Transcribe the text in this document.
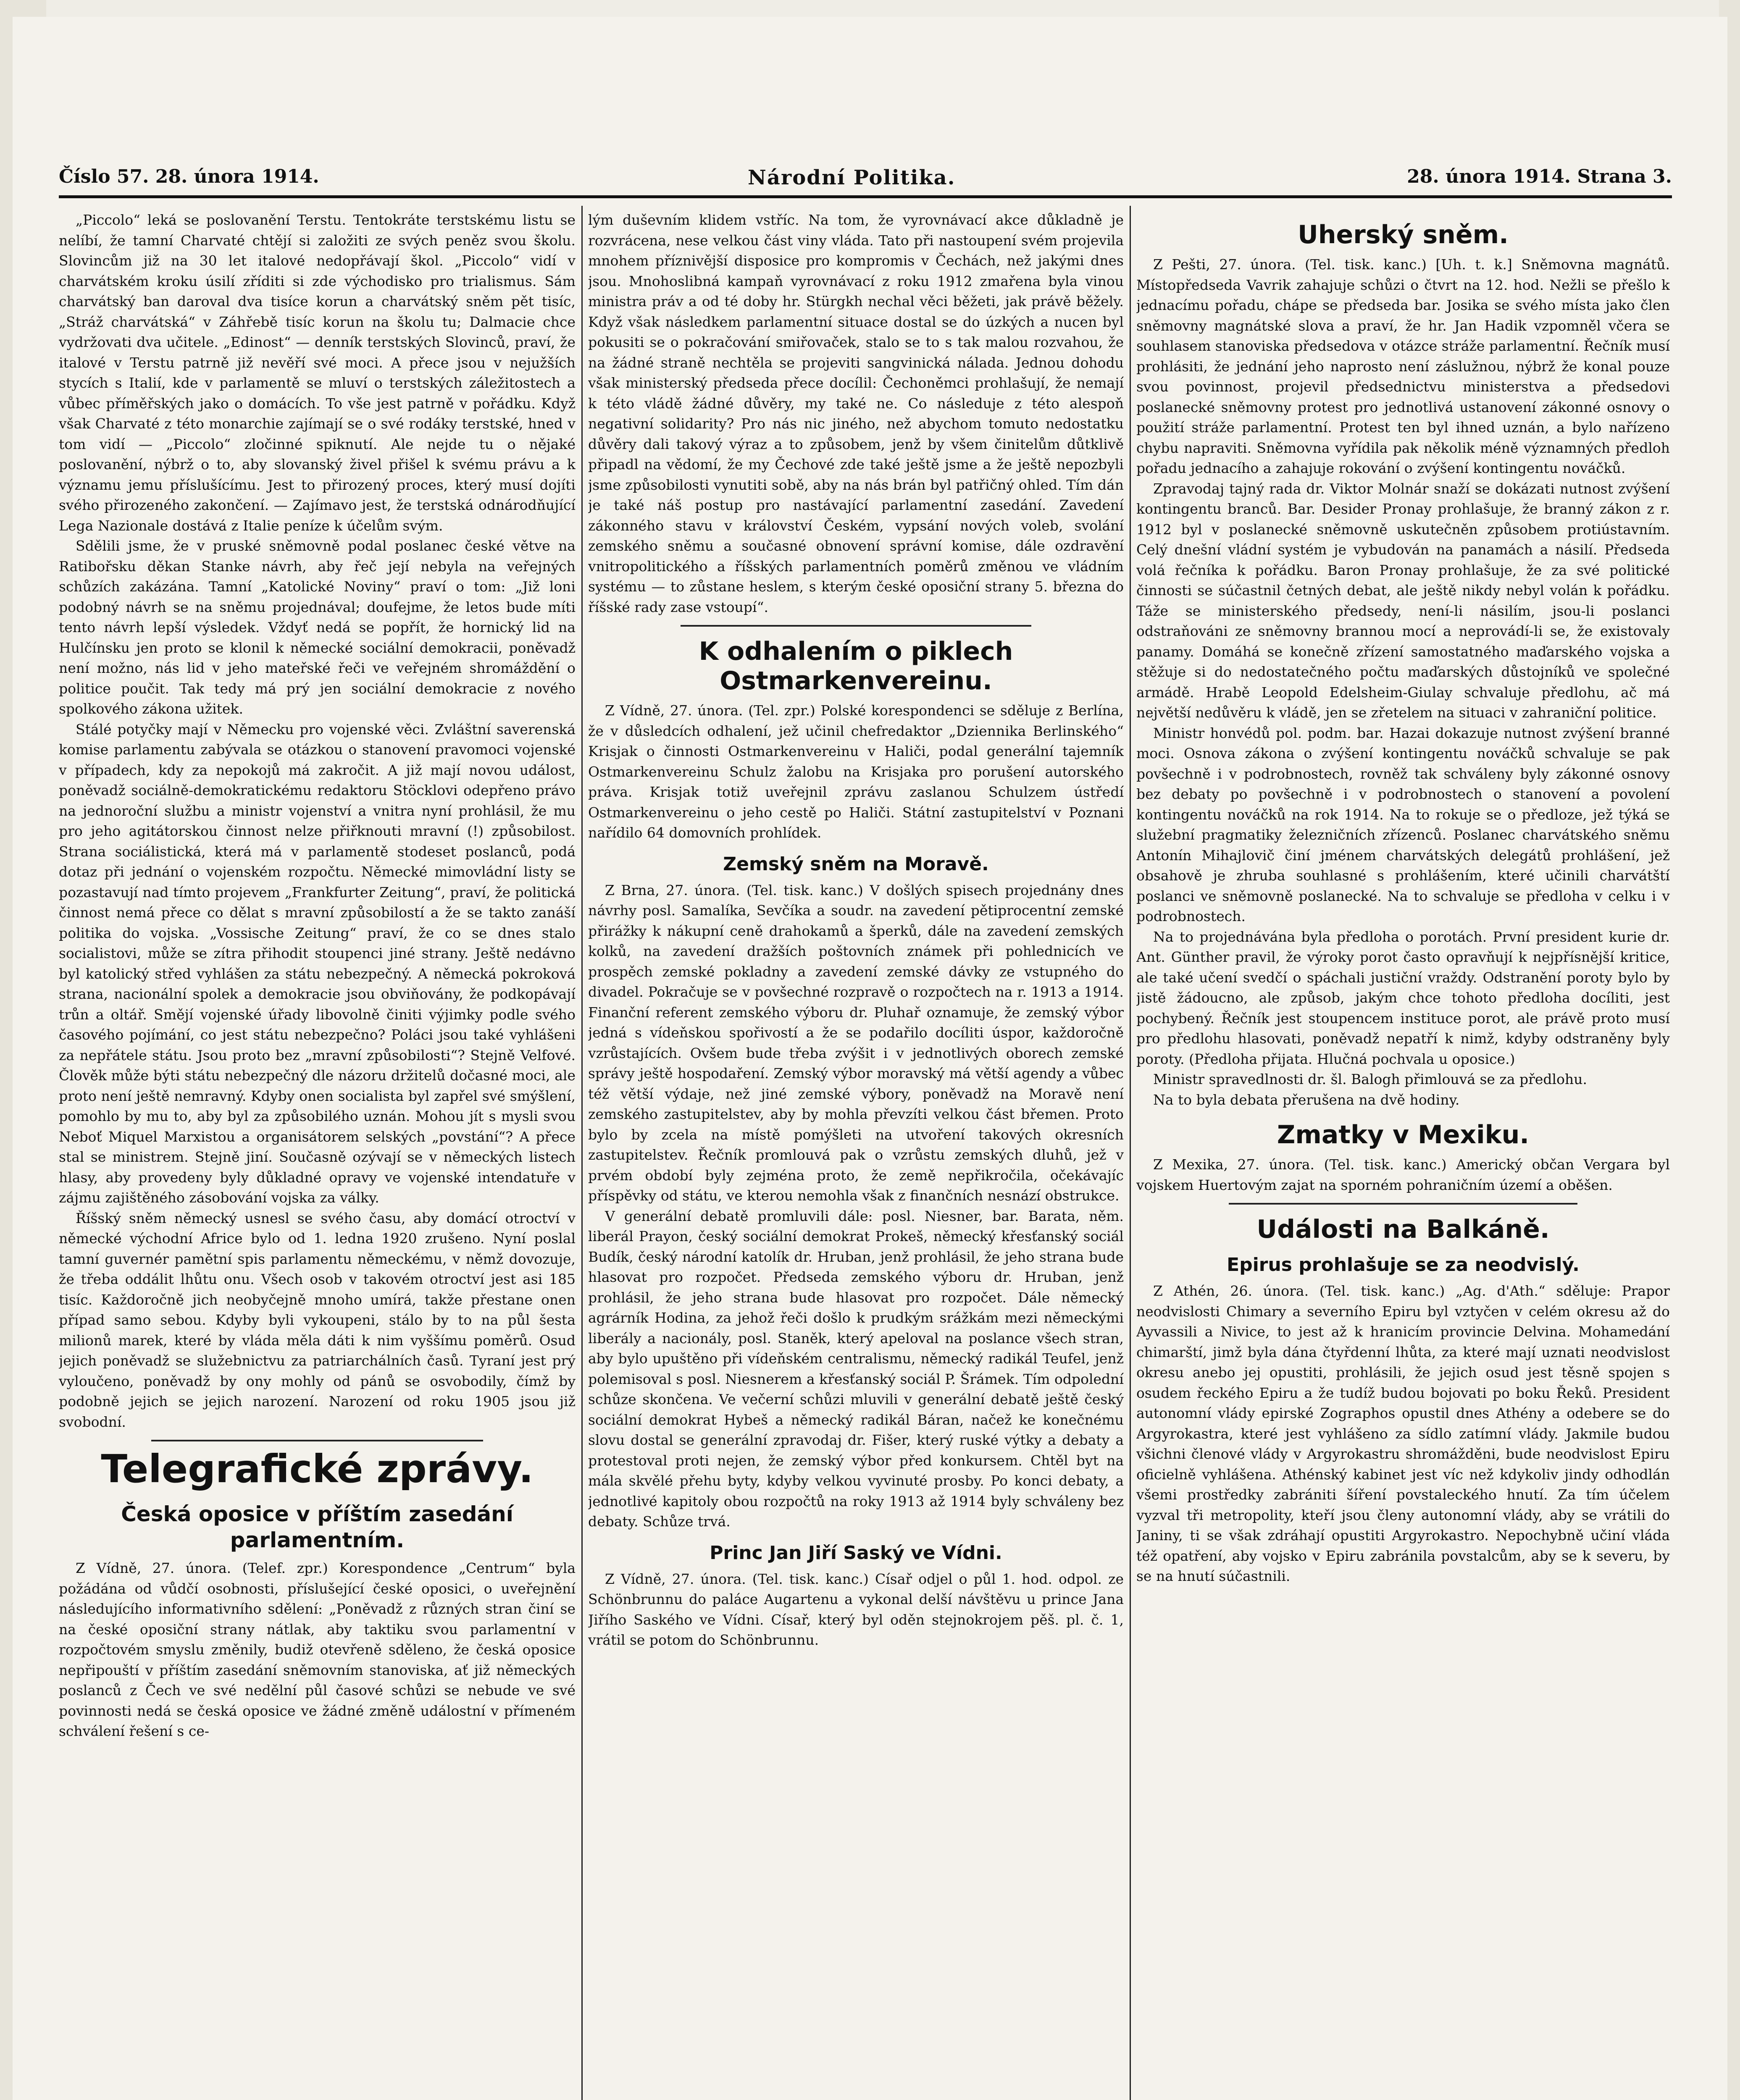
Číslo 57. 28. února 1914.	Národní Politika.	28. února 1914. Strana 3.

„Piccolo“ leká se poslovanění Terstu. Tentokráte terstskému listu se nelíbí, že tamní Charvaté chtějí si založiti ze svých peněz svou školu. Slovincům již na 30 let italové nedopřávají škol. „Piccolo“ vidí v charvátském kroku úsilí zříditi si zde východisko pro trialismus. Sám charvátský ban daroval dva tisíce korun a charvátský sněm pět tisíc, „Stráž charvátská“ v Záhřebě tisíc korun na školu tu; Dalmacie chce vydržovati dva učitele. „Edinost“ — denník terstských Slovinců, praví, že italové v Terstu patrně již nevěří své moci. A přece jsou v nejužších stycích s Italií, kde v parlamentě se mluví o terstských záležitostech a vůbec příměřských jako o domácích. To vše jest patrně v pořádku. Když však Charvaté z této monarchie zajímají se o své rodáky terstské, hned v tom vidí — „Piccolo“ zločinné spiknutí. Ale nejde tu o nějaké poslovanění, nýbrž o to, aby slovanský živel přišel k svému právu a k významu jemu příslušícímu. Jest to přirozený proces, který musí dojíti svého přirozeného zakončení. — Zajímavo jest, že terstská odnárodňující Lega Nazionale dostává z Italie peníze k účelům svým.

Sdělili jsme, že v pruské sněmovně podal poslanec české větve na Ratibořsku děkan Stanke návrh, aby řeč její nebyla na veřejných schůzích zakázána. Tamní „Katolické Noviny“ praví o tom: „Již loni podobný návrh se na sněmu projednával; doufejme, že letos bude míti tento návrh lepší výsledek. Vždyť nedá se popřít, že hornický lid na Hulčínsku jen proto se klonil k německé sociální demokracii, poněvadž není možno, nás lid v jeho mateřské řeči ve veřejném shromáždění o politice poučit. Tak tedy má prý jen sociální demokracie z nového spolkového zákona užitek.

Stálé potyčky mají v Německu pro vojenské věci. Zvláštní saverenská komise parlamentu zabývala se otázkou o stanovení pravomoci vojenské v případech, kdy za nepokojů má zakročit. A již mají novou událost, poněvadž sociálně-demokratickému redaktoru Stöcklovi odepřeno právo na jednoroční službu a ministr vojenství a vnitra nyní prohlásil, že mu pro jeho agitátorskou činnost nelze přiřknouti mravní (!) způsobilost. Strana sociálistická, která má v parlamentě stodeset poslanců, podá dotaz při jednání o vojenském rozpočtu. Německé mimovládní listy se pozastavují nad tímto projevem „Frankfurter Zeitung“, praví, že politická činnost nemá přece co dělat s mravní způsobilostí a že se takto zanáší politika do vojska. „Vossische Zeitung“ praví, že co se dnes stalo socialistovi, může se zítra přihodit stoupenci jiné strany. Ještě nedávno byl katolický střed vyhlášen za státu nebezpečný. A německá pokroková strana, nacionální spolek a demokracie jsou obviňovány, že podkopávají trůn a oltář. Smějí vojenské úřady libovolně činiti výjimky podle svého časového pojímání, co jest státu nebezpečno? Poláci jsou také vyhlášeni za nepřátele státu. Jsou proto bez „mravní způsobilosti“? Stejně Velfové. Člověk může býti státu nebezpečný dle názoru držitelů dočasné moci, ale proto není ještě nemravný. Kdyby onen socialista byl zapřel své smýšlení, pomohlo by mu to, aby byl za způsobilého uznán. Mohou jít s mysli svou Neboť Miquel Marxistou a organisátorem selských „povstání“? A přece stal se ministrem. Stejně jiní. Současně ozývají se v německých listech hlasy, aby provedeny byly důkladné opravy ve vojenské intendatuře v zájmu zajištěného zásobování vojska za války.

Říšský sněm německý usnesl se svého času, aby domácí otroctví v německé východní Africe bylo od 1. ledna 1920 zrušeno. Nyní poslal tamní guvernér pamětní spis parlamentu německému, v němž dovozuje, že třeba oddálit lhůtu onu. Všech osob v takovém otroctví jest asi 185 tisíc. Každoročně jich neobyčejně mnoho umírá, takže přestane onen případ samo sebou. Kdyby byli vykoupeni, stálo by to na půl šesta milionů marek, které by vláda měla dáti k nim vyššímu poměrů. Osud jejich poněvadž se služebnictvu za patriarchálních časů. Tyraní jest prý vyloučeno, poněvadž by ony mohly od pánů se osvobodily, čímž by podobně jejich se jejich narození. Narození od roku 1905 jsou již svobodní.

Telegrafické zprávy.
Česká oposice v příštím zasedání parlamentním.

Z Vídně, 27. února. (Telef. zpr.) Korespondence „Centrum“ byla požádána od vůdčí osobnosti, příslušející české oposici, o uveřejnění následujícího informativního sdělení: „Poněvadž z různých stran činí se na české oposiční strany nátlak, aby taktiku svou parlamentní v rozpočtovém smyslu změnily, budiž otevřeně sděleno, že česká oposice nepřipouští v příštím zasedání sněmovním stanoviska, ať již německých poslanců z Čech ve své nedělní půl časové schůzi se nebude ve své povinnosti nedá se česká oposice ve žádné změně událostní v přímeném schválení řešení s ce-

lým duševním klidem vstříc. Na tom, že vyrovnávací akce důkladně je rozvrácena, nese velkou část viny vláda. Tato při nastoupení svém projevila mnohem příznivější disposice pro kompromis v Čechách, než jakými dnes jsou. Mnohoslibná kampaň vyrovnávací z roku 1912 zmařena byla vinou ministra práv a od té doby hr. Stürgkh nechal věci běžeti, jak právě běžely. Když však následkem parlamentní situace dostal se do úzkých a nucen byl pokusiti se o pokračování smiřovaček, stalo se to s tak malou rozvahou, že na žádné straně nechtěla se projeviti sangvinická nálada. Jednou dohodu však ministerský předseda přece docílil: Čechoněmci prohlašují, že nemají k této vládě žádné důvěry, my také ne. Co následuje z této alespoň negativní solidarity? Pro nás nic jiného, než abychom tomuto nedostatku důvěry dali takový výraz a to způsobem, jenž by všem činitelům důtklivě připadl na vědomí, že my Čechové zde také ještě jsme a že ještě nepozbyli jsme způsobilosti vynutiti sobě, aby na nás brán byl patřičný ohled. Tím dán je také náš postup pro nastávající parlamentní zasedání. Zavedení zákonného stavu v království Českém, vypsání nových voleb, svolání zemského sněmu a současné obnovení správní komise, dále ozdravění vnitropolitického a říšských parlamentních poměrů změnou ve vládním systému — to zůstane heslem, s kterým české oposiční strany 5. března do říšské rady zase vstoupí“.

K odhalením o piklech Ostmarkenvereinu.

Z Vídně, 27. února. (Tel. zpr.) Polské korespondenci se sděluje z Berlína, že v důsledcích odhalení, jež učinil chefredaktor „Dziennika Berlinského“ Krisjak o činnosti Ostmarkenvereinu v Haliči, podal generální tajemník Ostmarkenvereinu Schulz žalobu na Krisjaka pro porušení autorského práva. Krisjak totiž uveřejnil zprávu zaslanou Schulzem ústředí Ostmarkenvereinu o jeho cestě po Haliči. Státní zastupitelství v Poznani nařídilo 64 domovních prohlídek.

Zemský sněm na Moravě.

Z Brna, 27. února. (Tel. tisk. kanc.) V došlých spisech projednány dnes návrhy posl. Samalíka, Sevčíka a soudr. na zavedení pětiprocentní zemské přirážky k nákupní ceně drahokamů a šperků, dále na zavedení zemských kolků, na zavedení dražších poštovních známek při pohlednicích ve prospěch zemské pokladny a zavedení zemské dávky ze vstupného do divadel. Pokračuje se v povšechné rozpravě o rozpočtech na r. 1913 a 1914. Finanční referent zemského výboru dr. Pluhař oznamuje, že zemský výbor jedná s vídeňskou spořivostí a že se podařilo docíliti úspor, každoročně vzrůstajících. Ovšem bude třeba zvýšit i v jednotlivých oborech zemské správy ještě hospodaření. Zemský výbor moravský má větší agendy a vůbec též větší výdaje, než jiné zemské výbory, poněvadž na Moravě není zemského zastupitelstev, aby by mohla převzíti velkou část břemen. Proto bylo by zcela na místě pomýšleti na utvoření takových okresních zastupitelstev. Řečník promlouvá pak o vzrůstu zemských dluhů, jež v prvém období byly zejména proto, že země nepřikročila, očekávajíc příspěvky od státu, ve kterou nemohla však z finančních nesnází obstrukce.

V generální debatě promluvili dále: posl. Niesner, bar. Barata, něm. liberál Prayon, český sociální demokrat Prokeš, německý křesťanský sociál Budík, český národní katolík dr. Hruban, jenž prohlásil, že jeho strana bude hlasovat pro rozpočet. Předseda zemského výboru dr. Hruban, jenž prohlásil, že jeho strana bude hlasovat pro rozpočet. Dále německý agrárník Hodina, za jehož řeči došlo k prudkým srážkám mezi německými liberály a nacionály, posl. Staněk, který apeloval na poslance všech stran, aby bylo upuštěno při vídeňském centralismu, německý radikál Teufel, jenž polemisoval s posl. Niesnerem a křesťanský sociál P. Šrámek. Tím odpolední schůze skončena. Ve večerní schůzi mluvili v generální debatě ještě český sociální demokrat Hybeš a německý radikál Báran, načež ke konečnému slovu dostal se generální zpravodaj dr. Fišer, který ruské výtky a debaty a protestoval proti nejen, že zemský výbor před konkursem. Chtěl byt na mála skvělé přehu byty, kdyby velkou vyvinuté prosby. Po konci debaty, a jednotlivé kapitoly obou rozpočtů na roky 1913 až 1914 byly schváleny bez debaty. Schůze trvá.

Princ Jan Jiří Saský ve Vídni.

Z Vídně, 27. února. (Tel. tisk. kanc.) Císař odjel o půl 1. hod. odpol. ze Schönbrunnu do paláce Augartenu a vykonal delší návštěvu u prince Jana Jiřího Saského ve Vídni. Císař, který byl oděn stejnokrojem pěš. pl. č. 1, vrátil se potom do Schönbrunnu.

Uherský sněm.

Z Pešti, 27. února. (Tel. tisk. kanc.) [Uh. t. k.] Sněmovna magnátů. Místopředseda Vavrik zahajuje schůzi o čtvrt na 12. hod. Nežli se přešlo k jednacímu pořadu, chápe se předseda bar. Josika se svého místa jako člen sněmovny magnátské slova a praví, že hr. Jan Hadik vzpomněl včera se souhlasem stanoviska předsedova v otázce stráže parlamentní. Řečník musí prohlásiti, že jednání jeho naprosto není záslužnou, nýbrž že konal pouze svou povinnost, projevil předsednictvu ministerstva a předsedovi poslanecké sněmovny protest pro jednotlivá ustanovení zákonné osnovy o použití stráže parlamentní. Protest ten byl ihned uznán, a bylo nařízeno chybu napraviti. Sněmovna vyřídila pak několik méně významných předloh pořadu jednacího a zahajuje rokování o zvýšení kontingentu nováčků.

Zpravodaj tajný rada dr. Viktor Molnár snaží se dokázati nutnost zvýšení kontingentu branců. Bar. Desider Pronay prohlašuje, že branný zákon z r. 1912 byl v poslanecké sněmovně uskutečněn způsobem protiústavním. Celý dnešní vládní systém je vybudován na panamách a násilí. Předseda volá řečníka k pořádku. Baron Pronay prohlašuje, že za své politické činnosti se súčastnil četných debat, ale ještě nikdy nebyl volán k pořádku. Táže se ministerského předsedy, není-li násilím, jsou-li poslanci odstraňováni ze sněmovny brannou mocí a neprovádí-li se, že existovaly panamy. Domáhá se konečně zřízení samostatného maďarského vojska a stěžuje si do nedostatečného počtu maďarských důstojníků ve společné armádě. Hrabě Leopold Edelsheim-Giulay schvaluje předlohu, ač má největší nedůvěru k vládě, jen se zřetelem na situaci v zahraniční politice.

Ministr honvédů pol. podm. bar. Hazai dokazuje nutnost zvýšení branné moci. Osnova zákona o zvýšení kontingentu nováčků schvaluje se pak povšechně i v podrobnostech, rovněž tak schváleny byly zákonné osnovy bez debaty po povšechně i v podrobnostech o stanovení a povolení kontingentu nováčků na rok 1914. Na to rokuje se o předloze, jež týká se služební pragmatiky železničních zřízenců. Poslanec charvátského sněmu Antonín Mihajlovič činí jménem charvátských delegátů prohlášení, jež obsahově je zhruba souhlasné s prohlášením, které učinili charvátští poslanci ve sněmovně poslanecké. Na to schvaluje se předloha v celku i v podrobnostech.

Na to projednávána byla předloha o porotách. První president kurie dr. Ant. Günther pravil, že výroky porot často opravňují k nejpřísnější kritice, ale také učení svedčí o spáchali justiční vraždy. Odstranění poroty bylo by jistě žádoucno, ale způsob, jakým chce tohoto předloha docíliti, jest pochybený. Řečník jest stoupencem instituce porot, ale právě proto musí pro předlohu hlasovati, poněvadž nepatří k nimž, kdyby odstraněny byly poroty. (Předloha přijata. Hlučná pochvala u oposice.)

Ministr spravedlnosti dr. šl. Balogh přimlouvá se za předlohu.

Na to byla debata přerušena na dvě hodiny.

Zmatky v Mexiku.

Z Mexika, 27. února. (Tel. tisk. kanc.) Americký občan Vergara byl vojskem Huertovým zajat na sporném pohraničním území a oběšen.

Události na Balkáně.
Epirus prohlašuje se za neodvislý.

Z Athén, 26. února. (Tel. tisk. kanc.) „Ag. d'Ath.“ sděluje: Prapor neodvislosti Chimary a severního Epiru byl vztyčen v celém okresu až do Ayvassili a Nivice, to jest až k hranicím provincie Delvina. Mohamedání chimarští, jimž byla dána čtyřdenní lhůta, za které mají uznati neodvislost okresu anebo jej opustiti, prohlásili, že jejich osud jest těsně spojen s osudem řeckého Epiru a že tudíž budou bojovati po boku Řeků. President autonomní vlády epirské Zographos opustil dnes Athény a odebere se do Argyrokastra, které jest vyhlášeno za sídlo zatímní vlády. Jakmile budou všichni členové vlády v Argyrokastru shromážděni, bude neodvislost Epiru oficielně vyhlášena. Athénský kabinet jest víc než kdykoliv jindy odhodlán všemi prostředky zabrániti šíření povstaleckého hnutí. Za tím účelem vyzval tři metropolity, kteří jsou členy autonomní vlády, aby se vrátili do Janiny, ti se však zdráhají opustiti Argyrokastro. Nepochybně učiní vláda též opatření, aby vojsko v Epiru zabránila povstalcům, aby se k severu, by se na hnutí súčastnili.
